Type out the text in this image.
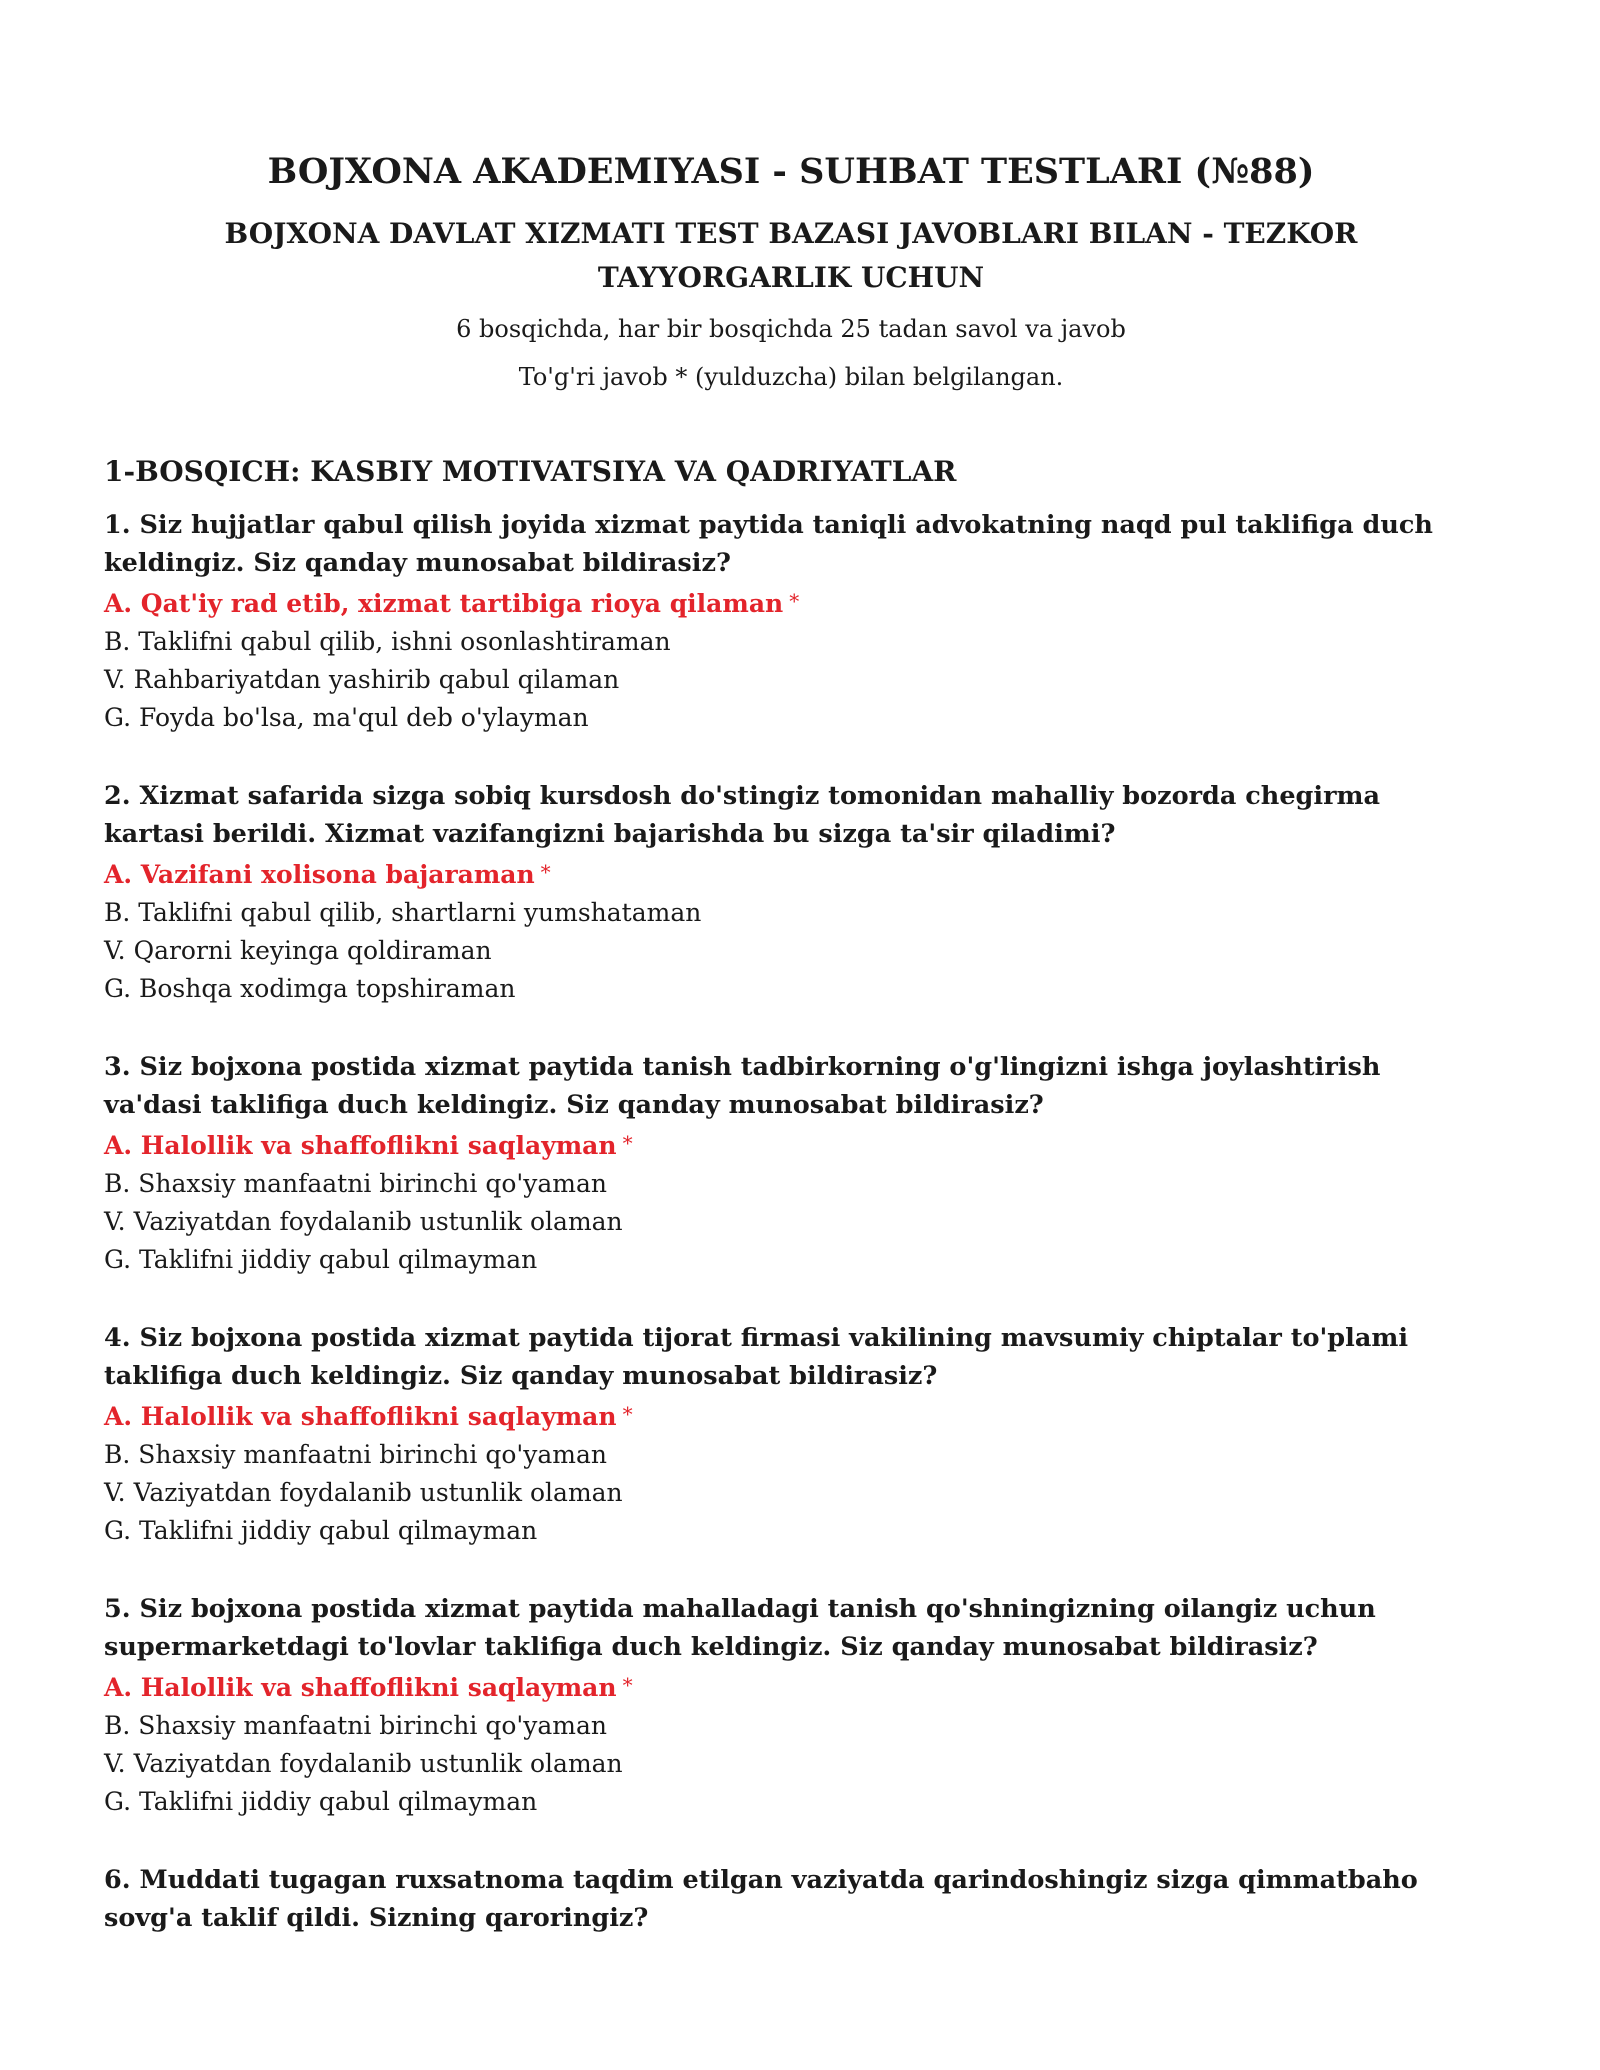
BOJXONA AKADEMIYASI - SUHBAT TESTLARI (№88)
BOJXONA DAVLAT XIZMATI TEST BAZASI JAVOBLARI BILAN - TEZKOR TAYYORGARLIK UCHUN

6 bosqichda, har bir bosqichda 25 tadan savol va javob

To'g'ri javob * (yulduzcha) bilan belgilangan.

1-BOSQICH: KASBIY MOTIVATSIYA VA QADRIYATLAR

1. Siz hujjatlar qabul qilish joyida xizmat paytida taniqli advokatning naqd pul taklifiga duch keldingiz. Siz qanday munosabat bildirasiz?

A. Qat'iy rad etib, xizmat tartibiga rioya qilaman *

B. Taklifni qabul qilib, ishni osonlashtiraman

V. Rahbariyatdan yashirib qabul qilaman

G. Foyda bo'lsa, ma'qul deb o'ylayman

2. Xizmat safarida sizga sobiq kursdosh do'stingiz tomonidan mahalliy bozorda chegirma kartasi berildi. Xizmat vazifangizni bajarishda bu sizga ta'sir qiladimi?

A. Vazifani xolisona bajaraman *

B. Taklifni qabul qilib, shartlarni yumshataman

V. Qarorni keyinga qoldiraman

G. Boshqa xodimga topshiraman

3. Siz bojxona postida xizmat paytida tanish tadbirkorning o'g'lingizni ishga joylashtirish va'dasi taklifiga duch keldingiz. Siz qanday munosabat bildirasiz?

A. Halollik va shaffoflikni saqlayman *

B. Shaxsiy manfaatni birinchi qo'yaman

V. Vaziyatdan foydalanib ustunlik olaman

G. Taklifni jiddiy qabul qilmayman

4. Siz bojxona postida xizmat paytida tijorat firmasi vakilining mavsumiy chiptalar to'plami taklifiga duch keldingiz. Siz qanday munosabat bildirasiz?

A. Halollik va shaffoflikni saqlayman *

B. Shaxsiy manfaatni birinchi qo'yaman

V. Vaziyatdan foydalanib ustunlik olaman

G. Taklifni jiddiy qabul qilmayman

5. Siz bojxona postida xizmat paytida mahalladagi tanish qo'shningizning oilangiz uchun supermarketdagi to'lovlar taklifiga duch keldingiz. Siz qanday munosabat bildirasiz?

A. Halollik va shaffoflikni saqlayman *

B. Shaxsiy manfaatni birinchi qo'yaman

V. Vaziyatdan foydalanib ustunlik olaman

G. Taklifni jiddiy qabul qilmayman

6. Muddati tugagan ruxsatnoma taqdim etilgan vaziyatda qarindoshingiz sizga qimmatbaho sovg'a taklif qildi. Sizning qaroringiz?
